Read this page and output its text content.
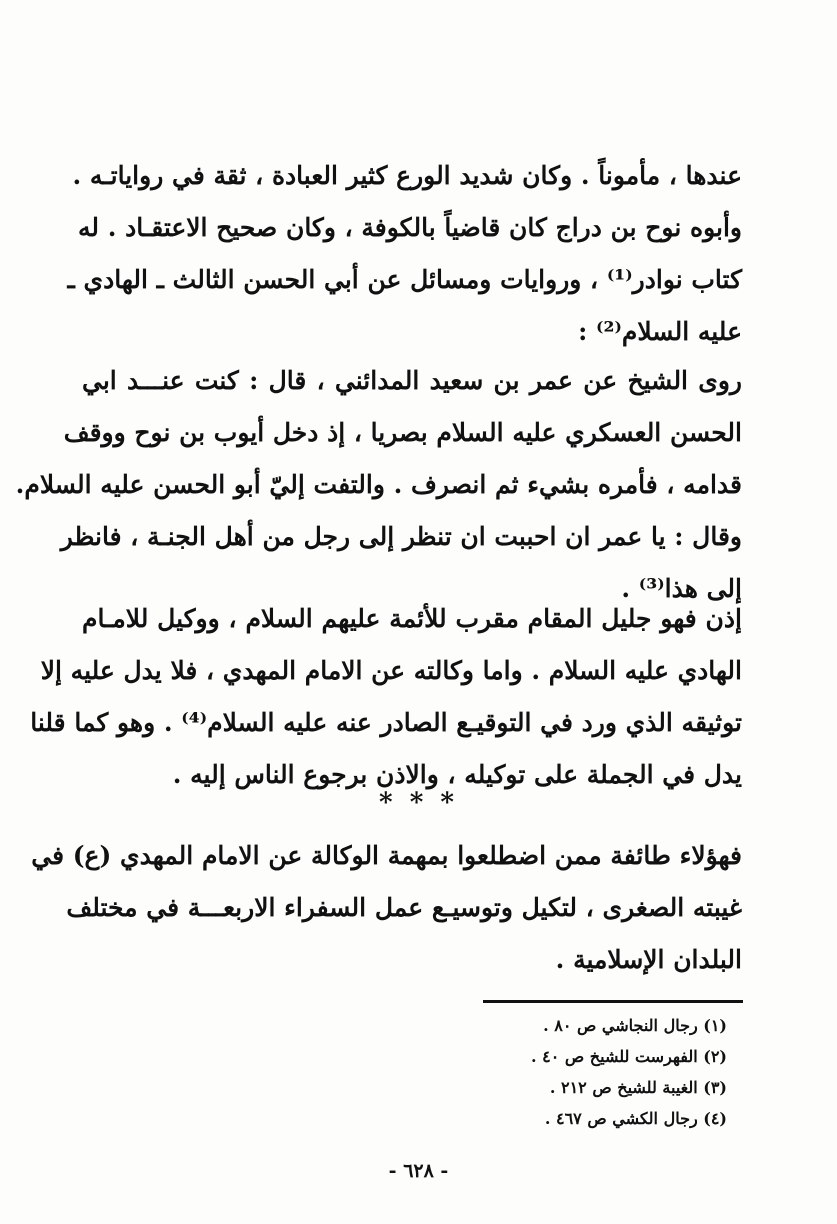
عندها ، مأموناً . وكان شديد الورع كثير العبادة ، ثقة في رواياتـه .
وأبوه نوح بن دراج كان قاضياً بالكوفة ، وكان صحيح الاعتقـاد . له
كتاب نوادر⁽¹⁾ ، وروايات ومسائل عن أبي الحسن الثالث ـ الهادي ـ
عليه السلام⁽²⁾ :
روى الشيخ عن عمر بن سعيد المدائني ، قال : كنت عنـــد ابي
الحسن العسكري عليه السلام بصريا ، إذ دخل أيوب بن نوح ووقف
قدامه ، فأمره بشيء ثم انصرف . والتفت إليّ أبو الحسن عليه السلام.
وقال : يا عمر ان احببت ان تنظر إلى رجل من أهل الجنـة ، فانظر
إلى هذا⁽³⁾ .
إذن فهو جليل المقام مقرب للأئمة عليهم السلام ، ووكيل للامـام
الهادي عليه السلام . واما وكالته عن الامام المهدي ، فلا يدل عليه إلا
توثيقه الذي ورد في التوقيـع الصادر عنه عليه السلام⁽⁴⁾ . وهو كما قلنا
يدل في الجملة على توكيله ، والاذن برجوع الناس إليه .
* * *
فهؤلاء طائفة ممن اضطلعوا بمهمة الوكالة عن الامام المهدي (ع) في
غيبته الصغرى ، لتكيل وتوسيـع عمل السفراء الاربعـــة في مختلف
البلدان الإسلامية .
(١) رجال النجاشي ص ٨٠ .
(٢) الفهرست للشيخ ص ٤٠ .
(٣) الغيبة للشيخ ص ٢١٢ .
(٤) رجال الكشي ص ٤٦٧ .
- ٦٢٨ -
